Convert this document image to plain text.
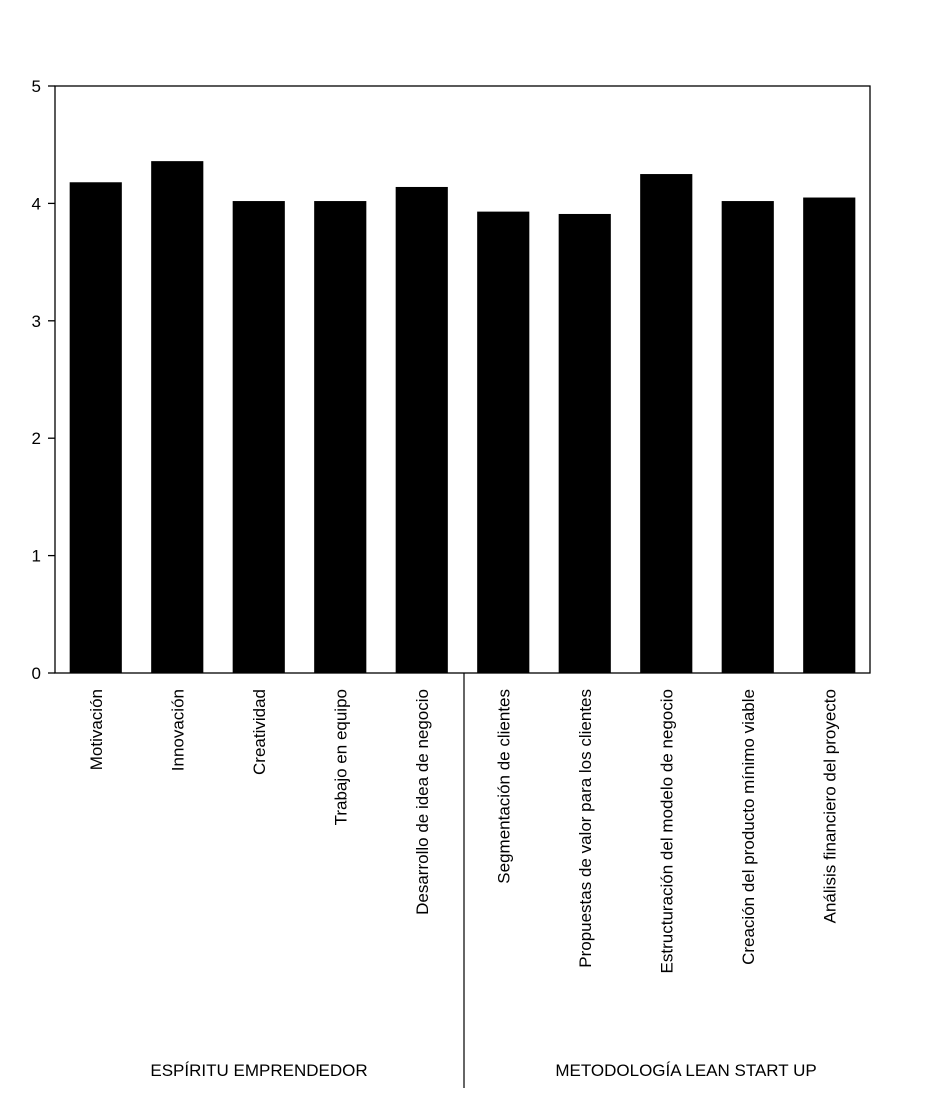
0
1
2
3
4
5
Motivación	Innovación	Creatividad	Trabajo en equipo	Desarrollo de idea de negocio	Segmentación de clientes	Propuestas de valor para los clientes	Estructuración del modelo de negocio	Creación del producto mínimo viable	Análisis financiero del proyecto
ESPÍRITU EMPRENDEDOR	METODOLOGÍA LEAN START UP
